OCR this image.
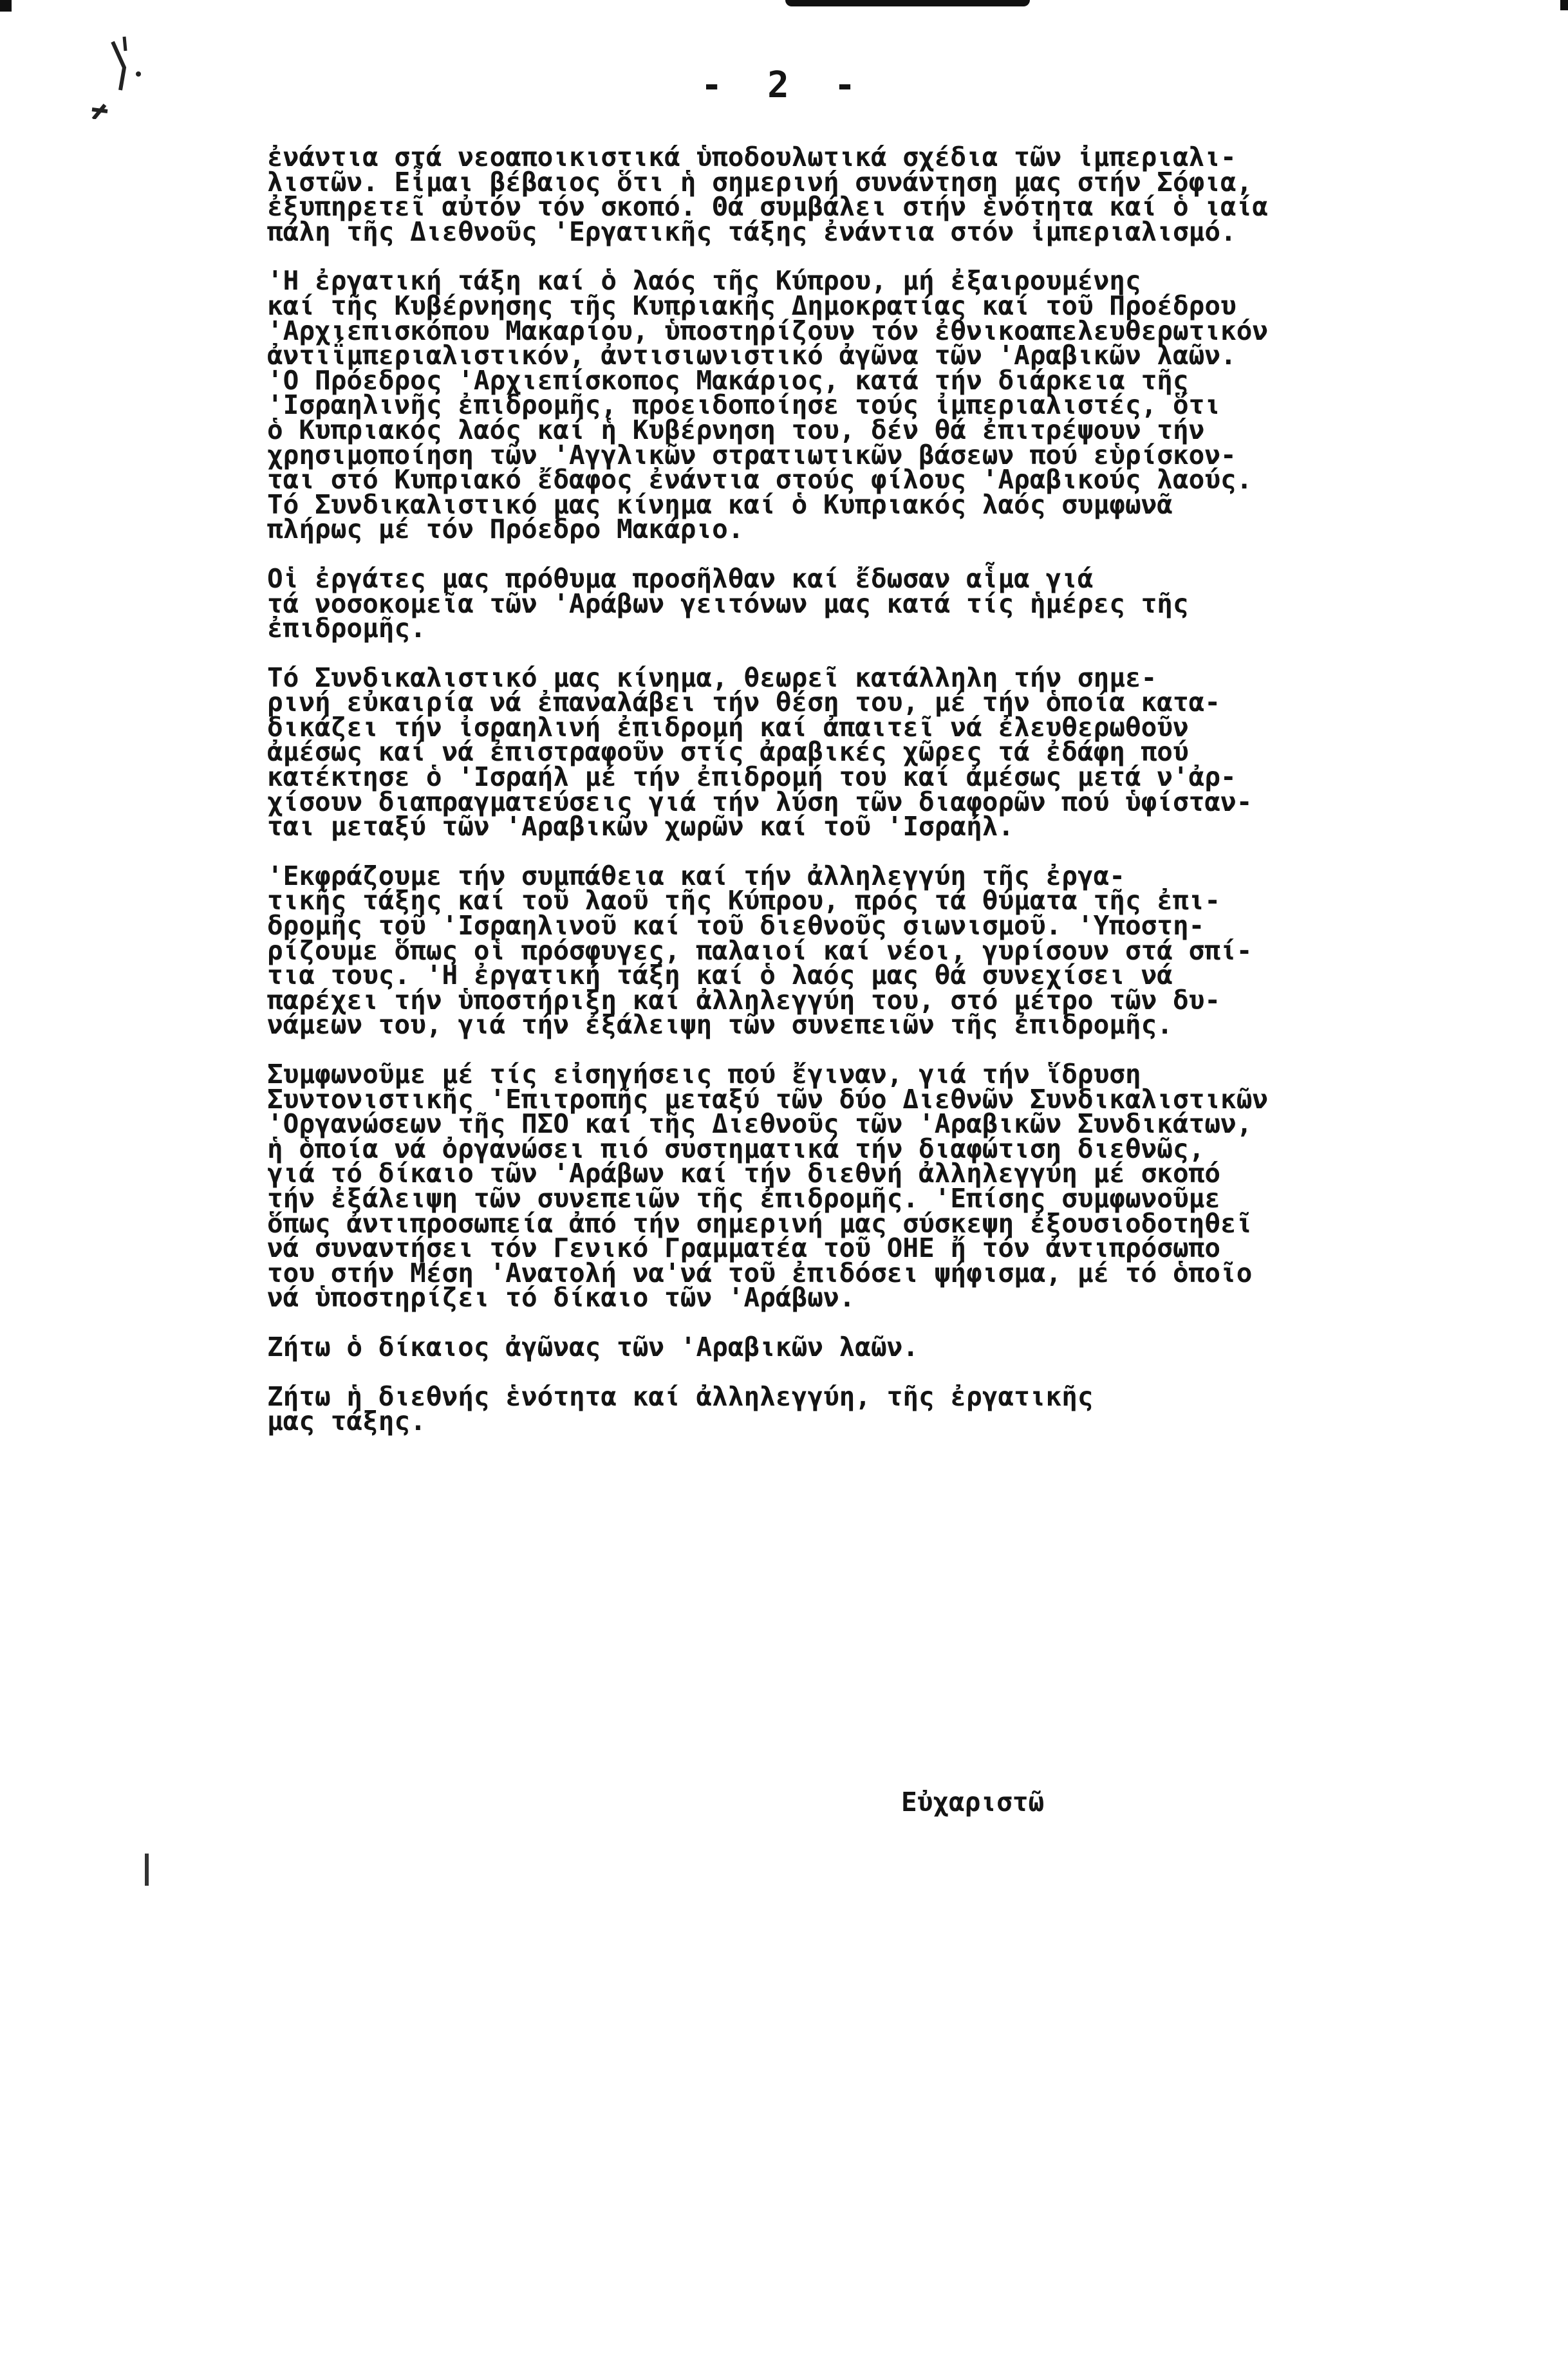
- 2 -

ἐνάντια στά νεοαποικιστικά ὑποδουλωτικά σχέδια τῶν ἰμπεριαλι-
λιστῶν. Εἶμαι βέβαιος ὅτι ἡ σημερινή συνάντηση μας στήν Σόφια,
ἐξυπηρετεῖ αὐτόν τόν σκοπό. Θά συμβάλει στήν ἑνότητα καί ὁ ιαία
πάλη τῆς Διεθνοῦς 'Εργατικῆς τάξης ἐνάντια στόν ἰμπεριαλισμό.

'Η ἐργατική τάξη καί ὁ λαός τῆς Κύπρου, μή ἐξαιρουμένης
καί τῆς Κυβέρνησης τῆς Κυπριακῆς Δημοκρατίας καί τοῦ Προέδρου
'Αρχιεπισκόπου Μακαρίου, ὑποστηρίζουν τόν ἐθνικοαπελευθερωτικόν
ἀντιΐμπεριαλιστικόν, ἀντισιωνιστικό ἀγῶνα τῶν 'Αραβικῶν λαῶν.
'Ο Πρόεδρος 'Αρχιεπίσκοπος Μακάριος, κατά τήν διάρκεια τῆς
'Ισραηλινῆς ἐπιδρομῆς, προειδοποίησε τούς ἰμπεριαλιστές, ὅτι
ὁ Κυπριακός λαός καί ἡ Κυβέρνηση του, δέν θά ἐπιτρέψουν τήν
χρησιμοποίηση τῶν 'Αγγλικῶν στρατιωτικῶν βάσεων πού εὑρίσκον-
ται στό Κυπριακό ἔδαφος ἐνάντια στούς φίλους 'Αραβικούς λαούς.
Τό Συνδικαλιστικό μας κίνημα καί ὁ Κυπριακός λαός συμφωνᾶ
πλήρως μέ τόν Πρόεδρο Μακάριο.

Οἱ ἐργάτες μας πρόθυμα προσῆλθαν καί ἔδωσαν αἷμα γιά
τά νοσοκομεῖα τῶν 'Αράβων γειτόνων μας κατά τίς ἡμέρες τῆς
ἐπιδρομῆς.

Τό Συνδικαλιστικό μας κίνημα, θεωρεῖ κατάλληλη τήν σημε-
ρινή εὐκαιρία νά ἐπαναλάβει τήν θέση του, μέ τήν ὁποία κατα-
δικάζει τήν ἰσραηλινή ἐπιδρομή καί ἀπαιτεῖ νά ἐλευθερωθοῦν
ἀμέσως καί νά ἐπιστραφοῦν στίς ἀραβικές χῶρες τά ἐδάφη πού
κατέκτησε ὁ 'Ισραήλ μέ τήν ἐπιδρομή του καί ἀμέσως μετά ν'ἀρ-
χίσουν διαπραγματεύσεις γιά τήν λύση τῶν διαφορῶν πού ὑφίσταν-
ται μεταξύ τῶν 'Αραβικῶν χωρῶν καί τοῦ 'Ισραήλ.

'Εκφράζουμε τήν συμπάθεια καί τήν ἀλληλεγγύη τῆς ἐργα-
τικῆς τάξης καί τοῦ λαοῦ τῆς Κύπρου, πρός τά θύματα τῆς ἐπι-
δρομῆς τοῦ 'Ισραηλινοῦ καί τοῦ διεθνοῦς σιωνισμοῦ. 'Υποστη-
ρίζουμε ὅπως οἱ πρόσφυγες, παλαιοί καί νέοι, γυρίσουν στά σπί-
τια τους. 'Η ἐργατική τάξη καί ὁ λαός μας θά συνεχίσει νά
παρέχει τήν ὑποστήριξη καί ἀλληλεγγύη του, στό μέτρο τῶν δυ-
νάμεων του, γιά τήν ἐξάλειψη τῶν συνεπειῶν τῆς ἐπιδρομῆς.

Συμφωνοῦμε μέ τίς εἰσηγήσεις πού ἔγιναν, γιά τήν ἵδρυση
Συντονιστικῆς 'Επιτροπῆς μεταξύ τῶν δύο Διεθνῶν Συνδικαλιστικῶν
'Οργανώσεων τῆς ΠΣΟ καί τῆς Διεθνοῦς τῶν 'Αραβικῶν Συνδικάτων,
ἡ ὁποία νά ὀργανώσει πιό συστηματικά τήν διαφώτιση διεθνῶς,
γιά τό δίκαιο τῶν 'Αράβων καί τήν διεθνή ἀλληλεγγύη μέ σκοπό
τήν ἐξάλειψη τῶν συνεπειῶν τῆς ἐπιδρομῆς. 'Επίσης συμφωνοῦμε
ὅπως ἀντιπροσωπεία ἀπό τήν σημερινή μας σύσκεψη ἐξουσιοδοτηθεῖ
νά συναντήσει τόν Γενικό Γραμματέα τοῦ ΟΗΕ ἤ τόν ἀντιπρόσωπο
του στήν Μέση 'Ανατολή να'νά τοῦ ἐπιδόσει ψήφισμα, μέ τό ὁποῖο
νά ὑποστηρίζει τό δίκαιο τῶν 'Αράβων.

Ζήτω ὁ δίκαιος ἀγῶνας τῶν 'Αραβικῶν λαῶν.

Ζήτω ἡ διεθνής ἑνότητα καί ἀλληλεγγύη, τῆς ἐργατικῆς
μας τάξης.

Εὐχαριστῶ
